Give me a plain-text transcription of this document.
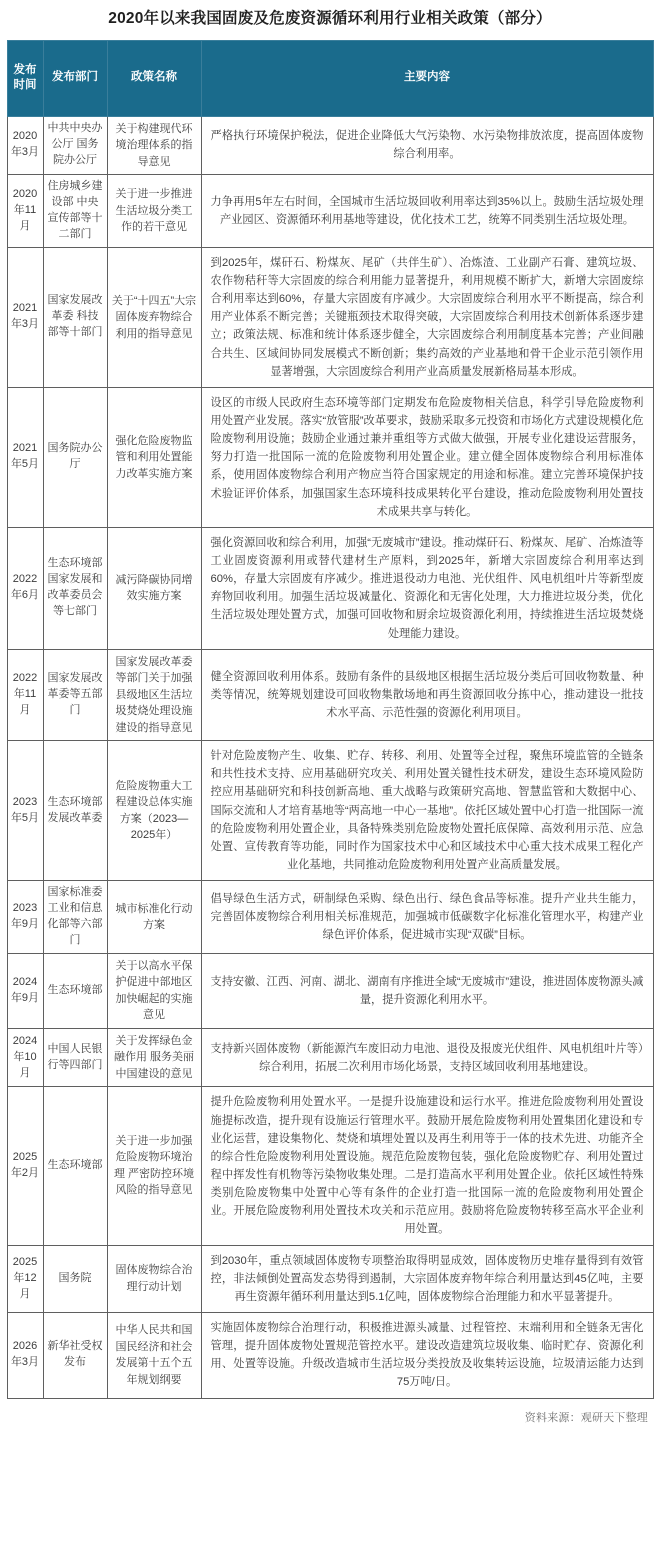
2020年以来我国固废及危废资源循环利用行业相关政策（部分）
发布时间	发布部门	政策名称	主要内容
2020年3月	中共中央办公厅 国务院办公厅	关于构建现代环境治理体系的指导意见	严格执行环境保护税法，促进企业降低大气污染物、水污染物排放浓度，提高固体废物综合利用率。
2020年11月	住房城乡建设部 中央宣传部等十二部门	关于进一步推进生活垃圾分类工作的若干意见	力争再用5年左右时间，全国城市生活垃圾回收利用率达到35%以上。鼓励生活垃圾处理产业园区、资源循环利用基地等建设，优化技术工艺，统筹不同类别生活垃圾处理。
2021年3月	国家发展改革委 科技部等十部门	关于“十四五”大宗固体废弃物综合利用的指导意见	到2025年，煤矸石、粉煤灰、尾矿（共伴生矿）、冶炼渣、工业副产石膏、建筑垃圾、农作物秸秆等大宗固废的综合利用能力显著提升，利用规模不断扩大，新增大宗固废综合利用率达到60%，存量大宗固废有序减少。大宗固废综合利用水平不断提高，综合利用产业体系不断完善；关键瓶颈技术取得突破，大宗固废综合利用技术创新体系逐步建立；政策法规、标准和统计体系逐步健全，大宗固废综合利用制度基本完善；产业间融合共生、区域间协同发展模式不断创新；集约高效的产业基地和骨干企业示范引领作用显著增强，大宗固废综合利用产业高质量发展新格局基本形成。
2021年5月	国务院办公厅	强化危险废物监管和利用处置能力改革实施方案	设区的市级人民政府生态环境等部门定期发布危险废物相关信息，科学引导危险废物利用处置产业发展。落实“放管服”改革要求，鼓励采取多元投资和市场化方式建设规模化危险废物利用设施；鼓励企业通过兼并重组等方式做大做强，开展专业化建设运营服务，努力打造一批国际一流的危险废物利用处置企业。建立健全固体废物综合利用标准体系，使用固体废物综合利用产物应当符合国家规定的用途和标准。建立完善环境保护技术验证评价体系，加强国家生态环境科技成果转化平台建设，推动危险废物利用处置技术成果共享与转化。
2022年6月	生态环境部 国家发展和改革委员会等七部门	减污降碳协同增效实施方案	强化资源回收和综合利用，加强“无废城市”建设。推动煤矸石、粉煤灰、尾矿、冶炼渣等工业固废资源利用或替代建材生产原料，到2025年，新增大宗固废综合利用率达到60%，存量大宗固废有序减少。推进退役动力电池、光伏组件、风电机组叶片等新型废弃物回收利用。加强生活垃圾减量化、资源化和无害化处理，大力推进垃圾分类，优化生活垃圾处理处置方式，加强可回收物和厨余垃圾资源化利用，持续推进生活垃圾焚烧处理能力建设。
2022年11月	国家发展改革委等五部门	国家发展改革委等部门关于加强县级地区生活垃圾焚烧处理设施建设的指导意见	健全资源回收利用体系。鼓励有条件的县级地区根据生活垃圾分类后可回收物数量、种类等情况，统筹规划建设可回收物集散场地和再生资源回收分拣中心，推动建设一批技术水平高、示范性强的资源化利用项目。
2023年5月	生态环境部 发展改革委	危险废物重大工程建设总体实施方案（2023—2025年）	针对危险废物产生、收集、贮存、转移、利用、处置等全过程，聚焦环境监管的全链条和共性技术支持、应用基础研究攻关、利用处置关键性技术研发，建设生态环境风险防控应用基础研究和科技创新高地、重大战略与政策研究高地、智慧监管和大数据中心、国际交流和人才培育基地等“两高地一中心一基地”。依托区域处置中心打造一批国际一流的危险废物利用处置企业，具备特殊类别危险废物处置托底保障、高效利用示范、应急处置、宣传教育等功能，同时作为国家技术中心和区域技术中心重大技术成果工程化产业化基地，共同推动危险废物利用处置产业高质量发展。
2023年9月	国家标准委 工业和信息化部等六部门	城市标准化行动方案	倡导绿色生活方式，研制绿色采购、绿色出行、绿色食品等标准。提升产业共生能力，完善固体废物综合利用相关标准规范，加强城市低碳数字化标准化管理水平，构建产业绿色评价体系，促进城市实现“双碳”目标。
2024年9月	生态环境部	关于以高水平保护促进中部地区加快崛起的实施意见	支持安徽、江西、河南、湖北、湖南有序推进全域“无废城市”建设，推进固体废物源头减量，提升资源化利用水平。
2024年10月	中国人民银行等四部门	关于发挥绿色金融作用 服务美丽中国建设的意见	支持新兴固体废物（新能源汽车废旧动力电池、退役及报废光伏组件、风电机组叶片等）综合利用，拓展二次利用市场化场景，支持区域回收利用基地建设。
2025年2月	生态环境部	关于进一步加强危险废物环境治理 严密防控环境风险的指导意见	提升危险废物利用处置水平。一是提升设施建设和运行水平。推进危险废物利用处置设施提标改造，提升现有设施运行管理水平。鼓励开展危险废物利用处置集团化建设和专业化运营，建设集物化、焚烧和填埋处置以及再生利用等于一体的技术先进、功能齐全的综合性危险废物利用处置设施。规范危险废物包装，强化危险废物贮存、利用处置过程中挥发性有机物等污染物收集处理。二是打造高水平利用处置企业。依托区域性特殊类别危险废物集中处置中心等有条件的企业打造一批国际一流的危险废物利用处置企业。开展危险废物利用处置技术攻关和示范应用。鼓励将危险废物转移至高水平企业利用处置。
2025年12月	国务院	固体废物综合治理行动计划	到2030年，重点领域固体废物专项整治取得明显成效，固体废物历史堆存量得到有效管控，非法倾倒处置高发态势得到遏制，大宗固体废弃物年综合利用量达到45亿吨，主要再生资源年循环利用量达到5.1亿吨，固体废物综合治理能力和水平显著提升。
2026年3月	新华社受权发布	中华人民共和国国民经济和社会发展第十五个五年规划纲要	实施固体废物综合治理行动，积极推进源头减量、过程管控、末端利用和全链条无害化管理，提升固体废物处置规范管控水平。建设改造建筑垃圾收集、临时贮存、资源化利用、处置等设施。升级改造城市生活垃圾分类投放及收集转运设施，垃圾清运能力达到75万吨/日。
资料来源：观研天下整理
